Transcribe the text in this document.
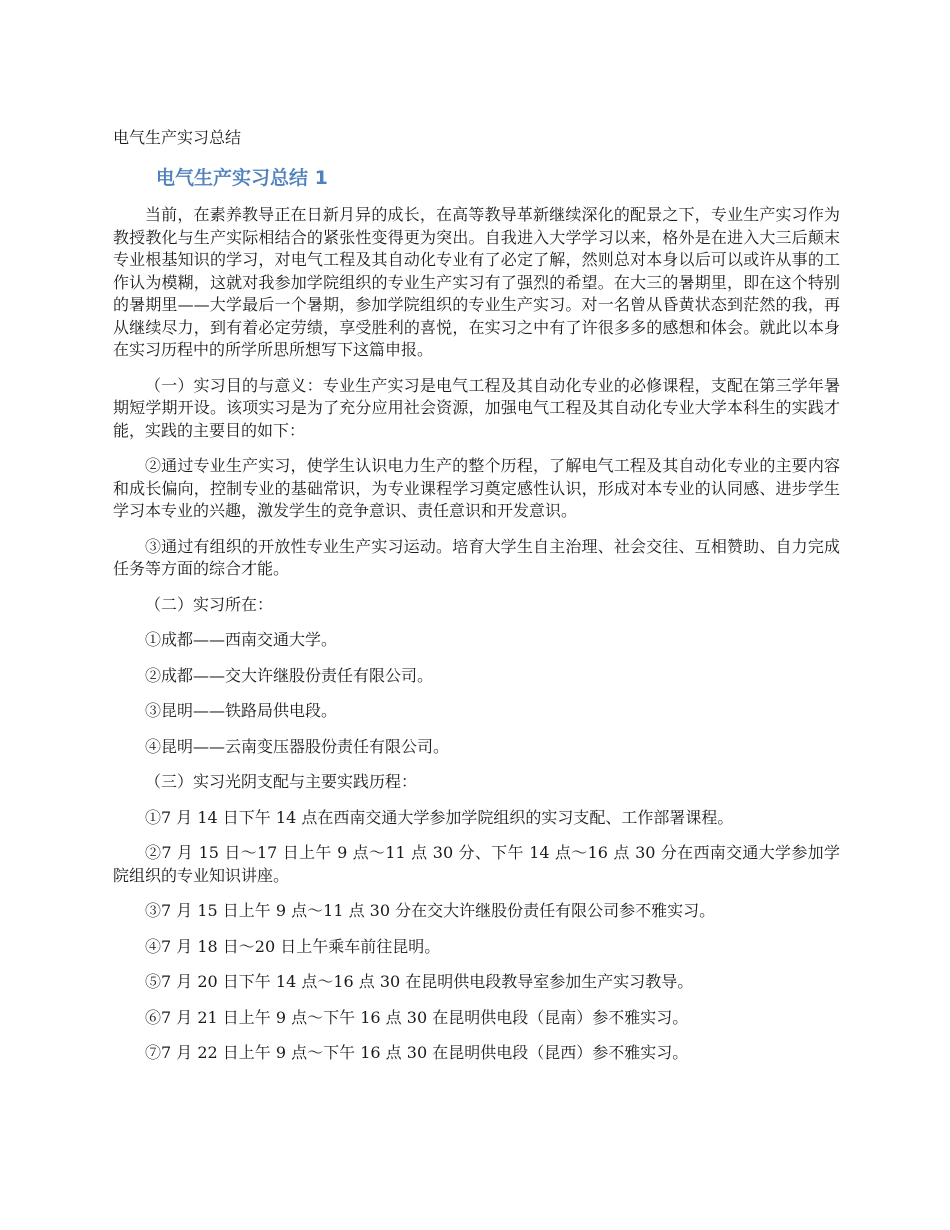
电气生产实习总结
电气生产实习总结 1

当前，在素养教导正在日新月异的成长，在高等教导革新继续深化的配景之下，专业生产实习作为教授教化与生产实际相结合的紧张性变得更为突出。自我进入大学学习以来，格外是在进入大三后颠末专业根基知识的学习，对电气工程及其自动化专业有了必定了解，然则总对本身以后可以或许从事的工作认为模糊，这就对我参加学院组织的专业生产实习有了强烈的希望。在大三的暑期里，即在这个特别的暑期里——大学最后一个暑期，参加学院组织的专业生产实习。对一名曾从昏黄状态到茫然的我，再从继续尽力，到有着必定劳绩，享受胜利的喜悦，在实习之中有了许很多多的感想和体会。就此以本身在实习历程中的所学所思所想写下这篇申报。

（一）实习目的与意义：专业生产实习是电气工程及其自动化专业的必修课程，支配在第三学年暑期短学期开设。该项实习是为了充分应用社会资源，加强电气工程及其自动化专业大学本科生的实践才能，实践的主要目的如下：

②通过专业生产实习，使学生认识电力生产的整个历程，了解电气工程及其自动化专业的主要内容和成长偏向，控制专业的基础常识，为专业课程学习奠定感性认识，形成对本专业的认同感、进步学生学习本专业的兴趣，激发学生的竞争意识、责任意识和开发意识。

③通过有组织的开放性专业生产实习运动。培育大学生自主治理、社会交往、互相赞助、自力完成任务等方面的综合才能。

（二）实习所在：

①成都——西南交通大学。

②成都——交大许继股份责任有限公司。

③昆明——铁路局供电段。

④昆明——云南变压器股份责任有限公司。

（三）实习光阴支配与主要实践历程：

①7 月 14 日下午 14 点在西南交通大学参加学院组织的实习支配、工作部署课程。

②7 月 15 日～17 日上午 9 点～11 点 30 分、下午 14 点～16 点 30 分在西南交通大学参加学院组织的专业知识讲座。

③7 月 15 日上午 9 点～11 点 30 分在交大许继股份责任有限公司参不雅实习。

④7 月 18 日～20 日上午乘车前往昆明。

⑤7 月 20 日下午 14 点～16 点 30 在昆明供电段教导室参加生产实习教导。

⑥7 月 21 日上午 9 点～下午 16 点 30 在昆明供电段（昆南）参不雅实习。

⑦7 月 22 日上午 9 点～下午 16 点 30 在昆明供电段（昆西）参不雅实习。
